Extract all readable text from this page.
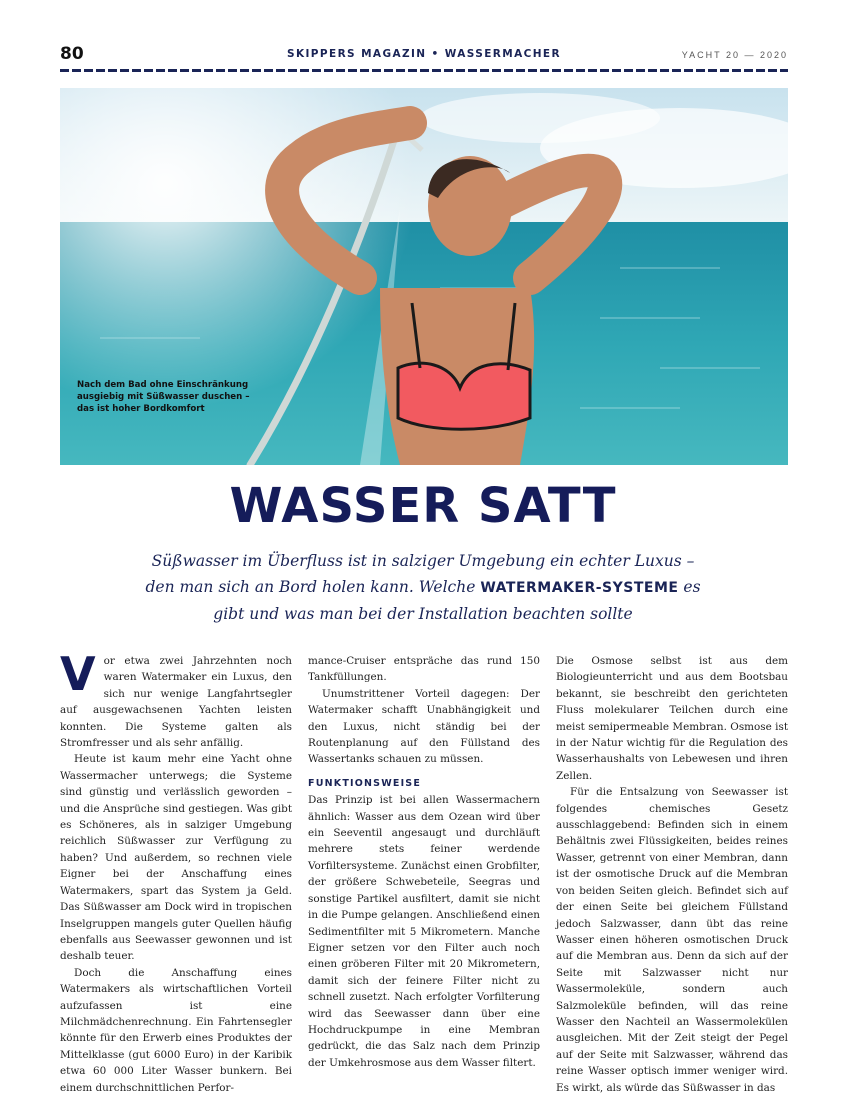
80	SKIPPERS MAGAZIN • WASSERMACHER	YACHT 20 — 2020
Nach dem Bad ohne Einschränkung ausgiebig mit Süßwasser duschen – das ist hoher Bordkomfort
WASSER SATT
Süßwasser im Überfluss ist in salziger Umgebung ein echter Luxus – den man sich an Bord holen kann. Welche WATERMAKER-SYSTEME es gibt und was man bei der Installation beachten sollte

Vor etwa zwei Jahrzehnten noch waren Watermaker ein Luxus, den sich nur wenige Langfahrtsegler auf ausgewachsenen Yachten leisten konnten. Die Systeme galten als Stromfresser und als sehr anfällig.

Heute ist kaum mehr eine Yacht ohne Wassermacher unterwegs; die Systeme sind günstig und verlässlich geworden – und die Ansprüche sind gestiegen. Was gibt es Schöneres, als in salziger Umgebung reichlich Süßwasser zur Verfügung zu haben? Und außerdem, so rechnen viele Eigner bei der Anschaffung eines Watermakers, spart das System ja Geld. Das Süßwasser am Dock wird in tropischen Inselgruppen mangels guter Quellen häufig ebenfalls aus Seewasser gewonnen und ist deshalb teuer.

Doch die Anschaffung eines Watermakers als wirtschaftlichen Vorteil aufzufassen ist eine Milchmädchenrechnung. Ein Fahrtensegler könnte für den Erwerb eines Produktes der Mittelklasse (gut 6000 Euro) in der Karibik etwa 60 000 Liter Wasser bunkern. Bei einem durchschnittlichen Perfor-

mance-Cruiser entspräche das rund 150 Tankfüllungen.

Unumstrittener Vorteil dagegen: Der Watermaker schafft Unabhängigkeit und den Luxus, nicht ständig bei der Routenplanung auf den Füllstand des Wassertanks schauen zu müssen.

FUNKTIONSWEISE

Das Prinzip ist bei allen Wassermachern ähnlich: Wasser aus dem Ozean wird über ein Seeventil angesaugt und durchläuft mehrere stets feiner werdende Vorfiltersysteme. Zunächst einen Grobfilter, der größere Schwebeteile, Seegras und sonstige Partikel ausfiltert, damit sie nicht in die Pumpe gelangen. Anschließend einen Sedimentfilter mit 5 Mikrometern. Manche Eigner setzen vor den Filter auch noch einen gröberen Filter mit 20 Mikrometern, damit sich der feinere Filter nicht zu schnell zusetzt. Nach erfolgter Vorfilterung wird das Seewasser dann über eine Hochdruckpumpe in eine Membran gedrückt, die das Salz nach dem Prinzip der Umkehrosmose aus dem Wasser filtert.

Die Osmose selbst ist aus dem Biologieunterricht und aus dem Bootsbau bekannt, sie beschreibt den gerichteten Fluss molekularer Teilchen durch eine meist semipermeable Membran. Osmose ist in der Natur wichtig für die Regulation des Wasserhaushalts von Lebewesen und ihren Zellen.

Für die Entsalzung von Seewasser ist folgendes chemisches Gesetz ausschlaggebend: Befinden sich in einem Behältnis zwei Flüssigkeiten, beides reines Wasser, getrennt von einer Membran, dann ist der osmotische Druck auf die Membran von beiden Seiten gleich. Befindet sich auf der einen Seite bei gleichem Füllstand jedoch Salzwasser, dann übt das reine Wasser einen höheren osmotischen Druck auf die Membran aus. Denn da sich auf der Seite mit Salzwasser nicht nur Wassermoleküle, sondern auch Salzmoleküle befinden, will das reine Wasser den Nachteil an Wassermolekülen ausgleichen. Mit der Zeit steigt der Pegel auf der Seite mit Salzwasser, während das reine Wasser optisch immer weniger wird. Es wirkt, als würde das Süßwasser in das
